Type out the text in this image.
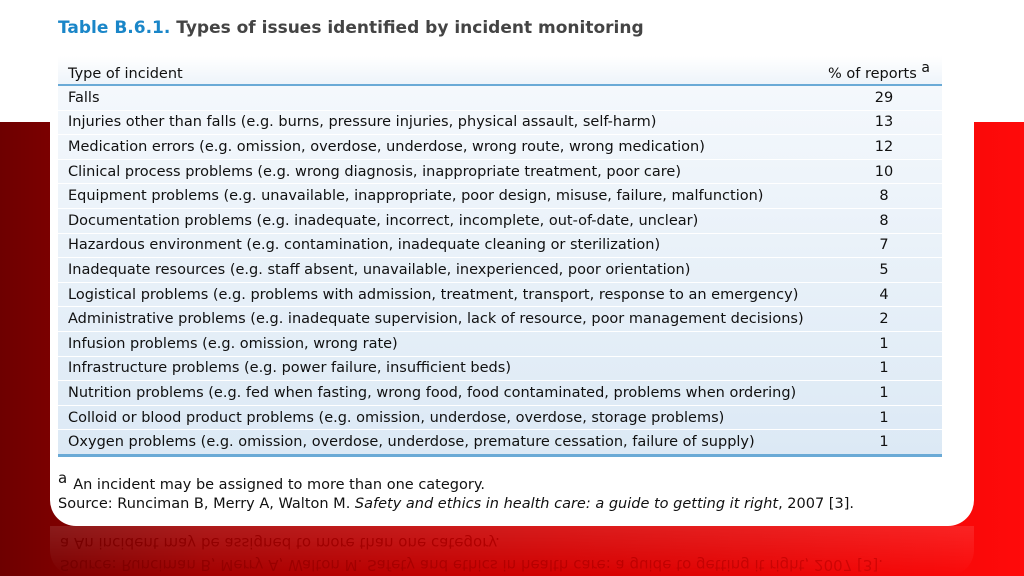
Table B.6.1. Types of issues identified by incident monitoring
Type of incident	% of reports $^a$
Falls	29
Injuries other than falls (e.g. burns, pressure injuries, physical assault, self-harm)	13
Medication errors (e.g. omission, overdose, underdose, wrong route, wrong medication)	12
Clinical process problems (e.g. wrong diagnosis, inappropriate treatment, poor care)	10
Equipment problems (e.g. unavailable, inappropriate, poor design, misuse, failure, malfunction)	8
Documentation problems (e.g. inadequate, incorrect, incomplete, out-of-date, unclear)	8
Hazardous environment (e.g. contamination, inadequate cleaning or sterilization)	7
Inadequate resources (e.g. staff absent, unavailable, inexperienced, poor orientation)	5
Logistical problems (e.g. problems with admission, treatment, transport, response to an emergency)	4
Administrative problems (e.g. inadequate supervision, lack of resource, poor management decisions)	2
Infusion problems (e.g. omission, wrong rate)	1
Infrastructure problems (e.g. power failure, insufficient beds)	1
Nutrition problems (e.g. fed when fasting, wrong food, food contaminated, problems when ordering)	1
Colloid or blood product problems (e.g. omission, underdose, overdose, storage problems)	1
Oxygen problems (e.g. omission, overdose, underdose, premature cessation, failure of supply)	1
$^a$ An incident may be assigned to more than one category.
Source: Runciman B, Merry A, Walton M. Safety and ethics in health care: a guide to getting it right, 2007 [3].
Source: Runciman B, Merry A, Walton M. Safety and ethics in health care: a guide to getting it right, 2007 [3].
a An incident may be assigned to more than one category.
